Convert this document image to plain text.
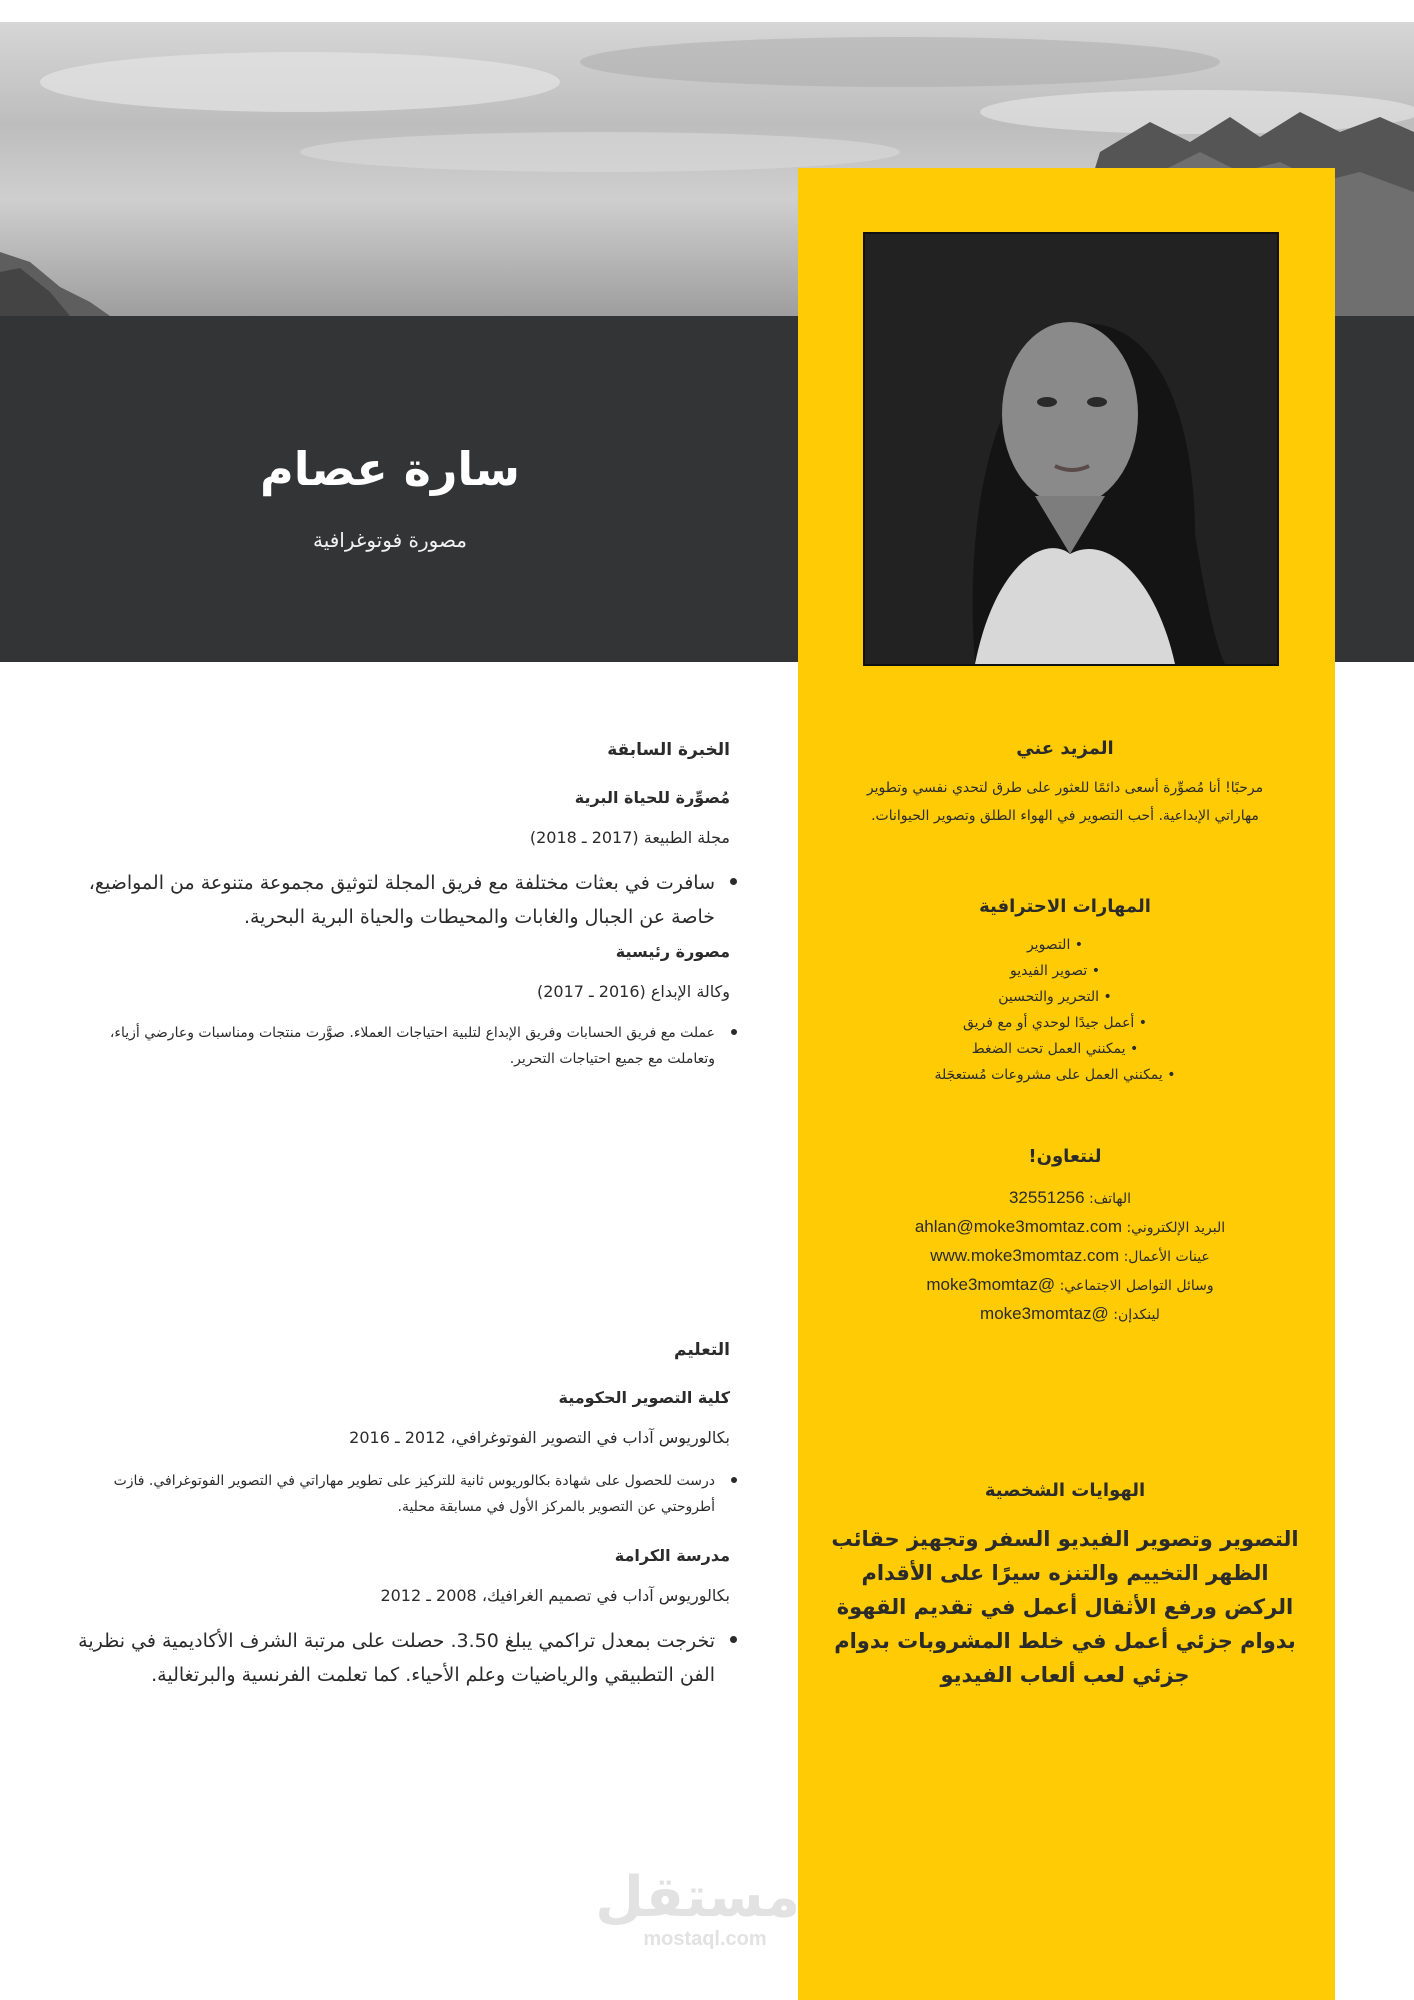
سارة عصام
مصورة فوتوغرافية
المزيد عني
مرحبًا! أنا مُصوِّرة أسعى دائمًا للعثور على طرق لتحدي نفسي وتطوير
مهاراتي الإبداعية. أحب التصوير في الهواء الطلق وتصوير الحيوانات.
المهارات الاحترافية
• التصوير
• تصوير الفيديو
• التحرير والتحسين
• أعمل جيدًا لوحدي أو مع فريق
• يمكنني العمل تحت الضغط
• يمكنني العمل على مشروعات مُستعجَلة
لنتعاون!
الهاتف: 32551256
البريد الإلكتروني: ahlan@moke3momtaz.com
عينات الأعمال: www.moke3momtaz.com
وسائل التواصل الاجتماعي: @moke3momtaz
لينكدإن: @moke3momtaz
الهوايات الشخصية
التصوير وتصوير الفيديو السفر وتجهيز حقائب الظهر التخييم والتنزه سيرًا على الأقدام الركض ورفع الأثقال أعمل في تقديم القهوة بدوام جزئي أعمل في خلط المشروبات بدوام جزئي لعب ألعاب الفيديو
الخبرة السابقة
مُصوِّرة للحياة البرية
مجلة الطبيعة (2017 ـ 2018)
سافرت في بعثات مختلفة مع فريق المجلة لتوثيق مجموعة متنوعة من المواضيع، خاصة عن الجبال والغابات والمحيطات والحياة البرية البحرية.
مصورة رئيسية
وكالة الإبداع (2016 ـ 2017)
عملت مع فريق الحسابات وفريق الإبداع لتلبية احتياجات العملاء. صوَّرت منتجات ومناسبات وعارضي أزياء، وتعاملت مع جميع احتياجات التحرير.
التعليم
كلية التصوير الحكومية
بكالوريوس آداب في التصوير الفوتوغرافي، 2012 ـ 2016
درست للحصول على شهادة بكالوريوس ثانية للتركيز على تطوير مهاراتي في التصوير الفوتوغرافي. فازت أطروحتي عن التصوير بالمركز الأول في مسابقة محلية.
مدرسة الكرامة
بكالوريوس آداب في تصميم الغرافيك، 2008 ـ 2012
تخرجت بمعدل تراكمي يبلغ 3.50. حصلت على مرتبة الشرف الأكاديمية في نظرية الفن التطبيقي والرياضيات وعلم الأحياء. كما تعلمت الفرنسية والبرتغالية.
مستقل
mostaql.com
